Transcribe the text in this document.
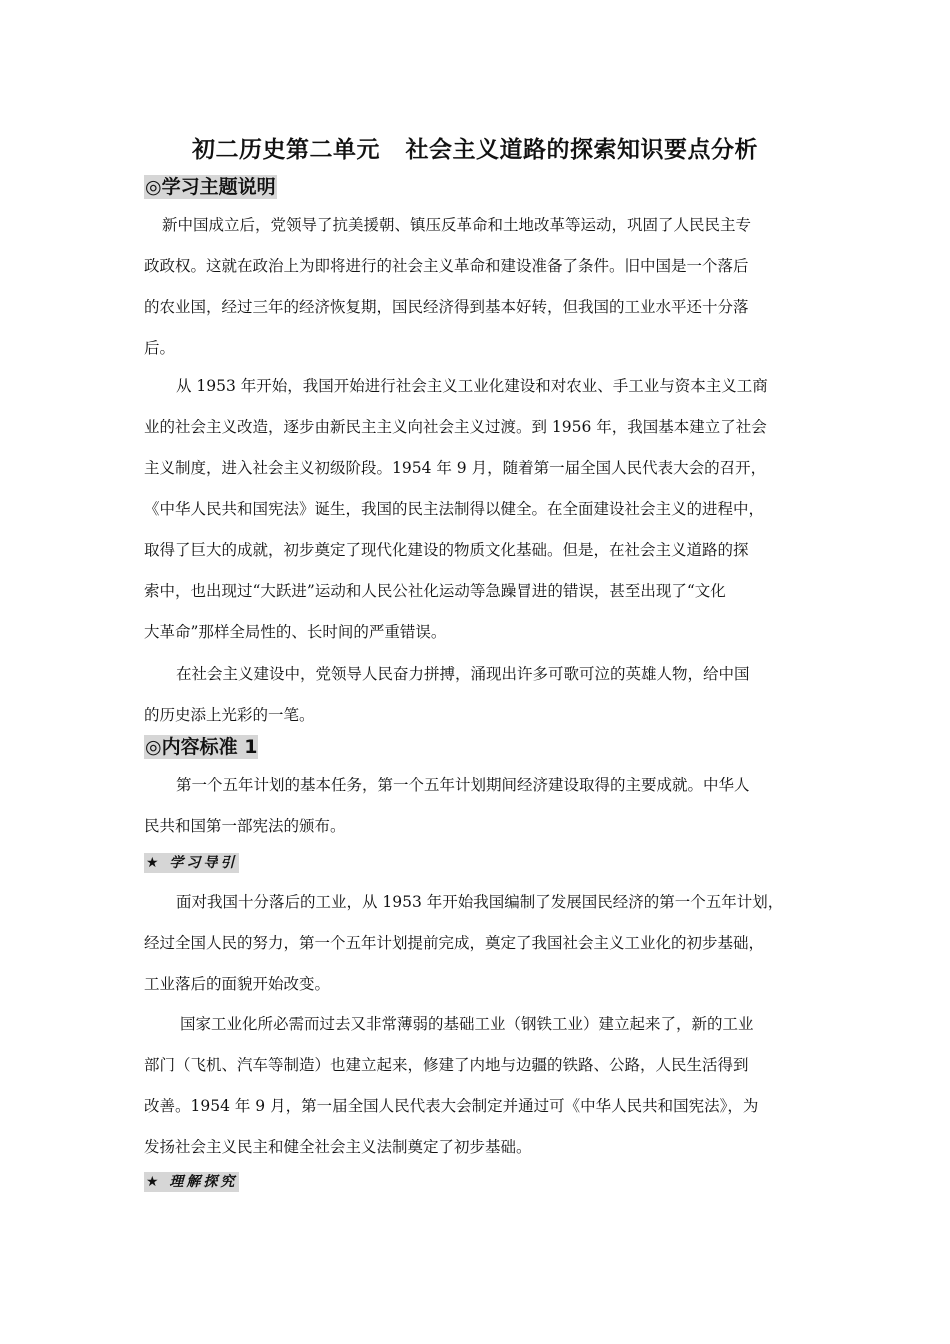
初二历史第二单元   社会主义道路的探索知识要点分析
◎学习主题说明

新中国成立后，党领导了抗美援朝、镇压反革命和土地改革等运动，巩固了人民民主专
政政权。这就在政治上为即将进行的社会主义革命和建设准备了条件。旧中国是一个落后
的农业国，经过三年的经济恢复期，国民经济得到基本好转，但我国的工业水平还十分落
后。

从 1953 年开始，我国开始进行社会主义工业化建设和对农业、手工业与资本主义工商
业的社会主义改造，逐步由新民主主义向社会主义过渡。到 1956 年，我国基本建立了社会
主义制度，进入社会主义初级阶段。1954 年 9 月，随着第一届全国人民代表大会的召开，
《中华人民共和国宪法》诞生，我国的民主法制得以健全。在全面建设社会主义的进程中，
取得了巨大的成就，初步奠定了现代化建设的物质文化基础。但是，在社会主义道路的探
索中，也出现过“大跃进”运动和人民公社化运动等急躁冒进的错误，甚至出现了“文化
大革命”那样全局性的、长时间的严重错误。

在社会主义建设中，党领导人民奋力拼搏，涌现出许多可歌可泣的英雄人物，给中国
的历史添上光彩的一笔。

◎内容标准 1

第一个五年计划的基本任务，第一个五年计划期间经济建设取得的主要成就。中华人
民共和国第一部宪法的颁布。

★ 学习导引

面对我国十分落后的工业，从 1953 年开始我国编制了发展国民经济的第一个五年计划，
经过全国人民的努力，第一个五年计划提前完成，奠定了我国社会主义工业化的初步基础，
工业落后的面貌开始改变。

国家工业化所必需而过去又非常薄弱的基础工业（钢铁工业）建立起来了，新的工业
部门（飞机、汽车等制造）也建立起来，修建了内地与边疆的铁路、公路，人民生活得到
改善。1954 年 9 月，第一届全国人民代表大会制定并通过可《中华人民共和国宪法》，为
发扬社会主义民主和健全社会主义法制奠定了初步基础。

★ 理解探究
